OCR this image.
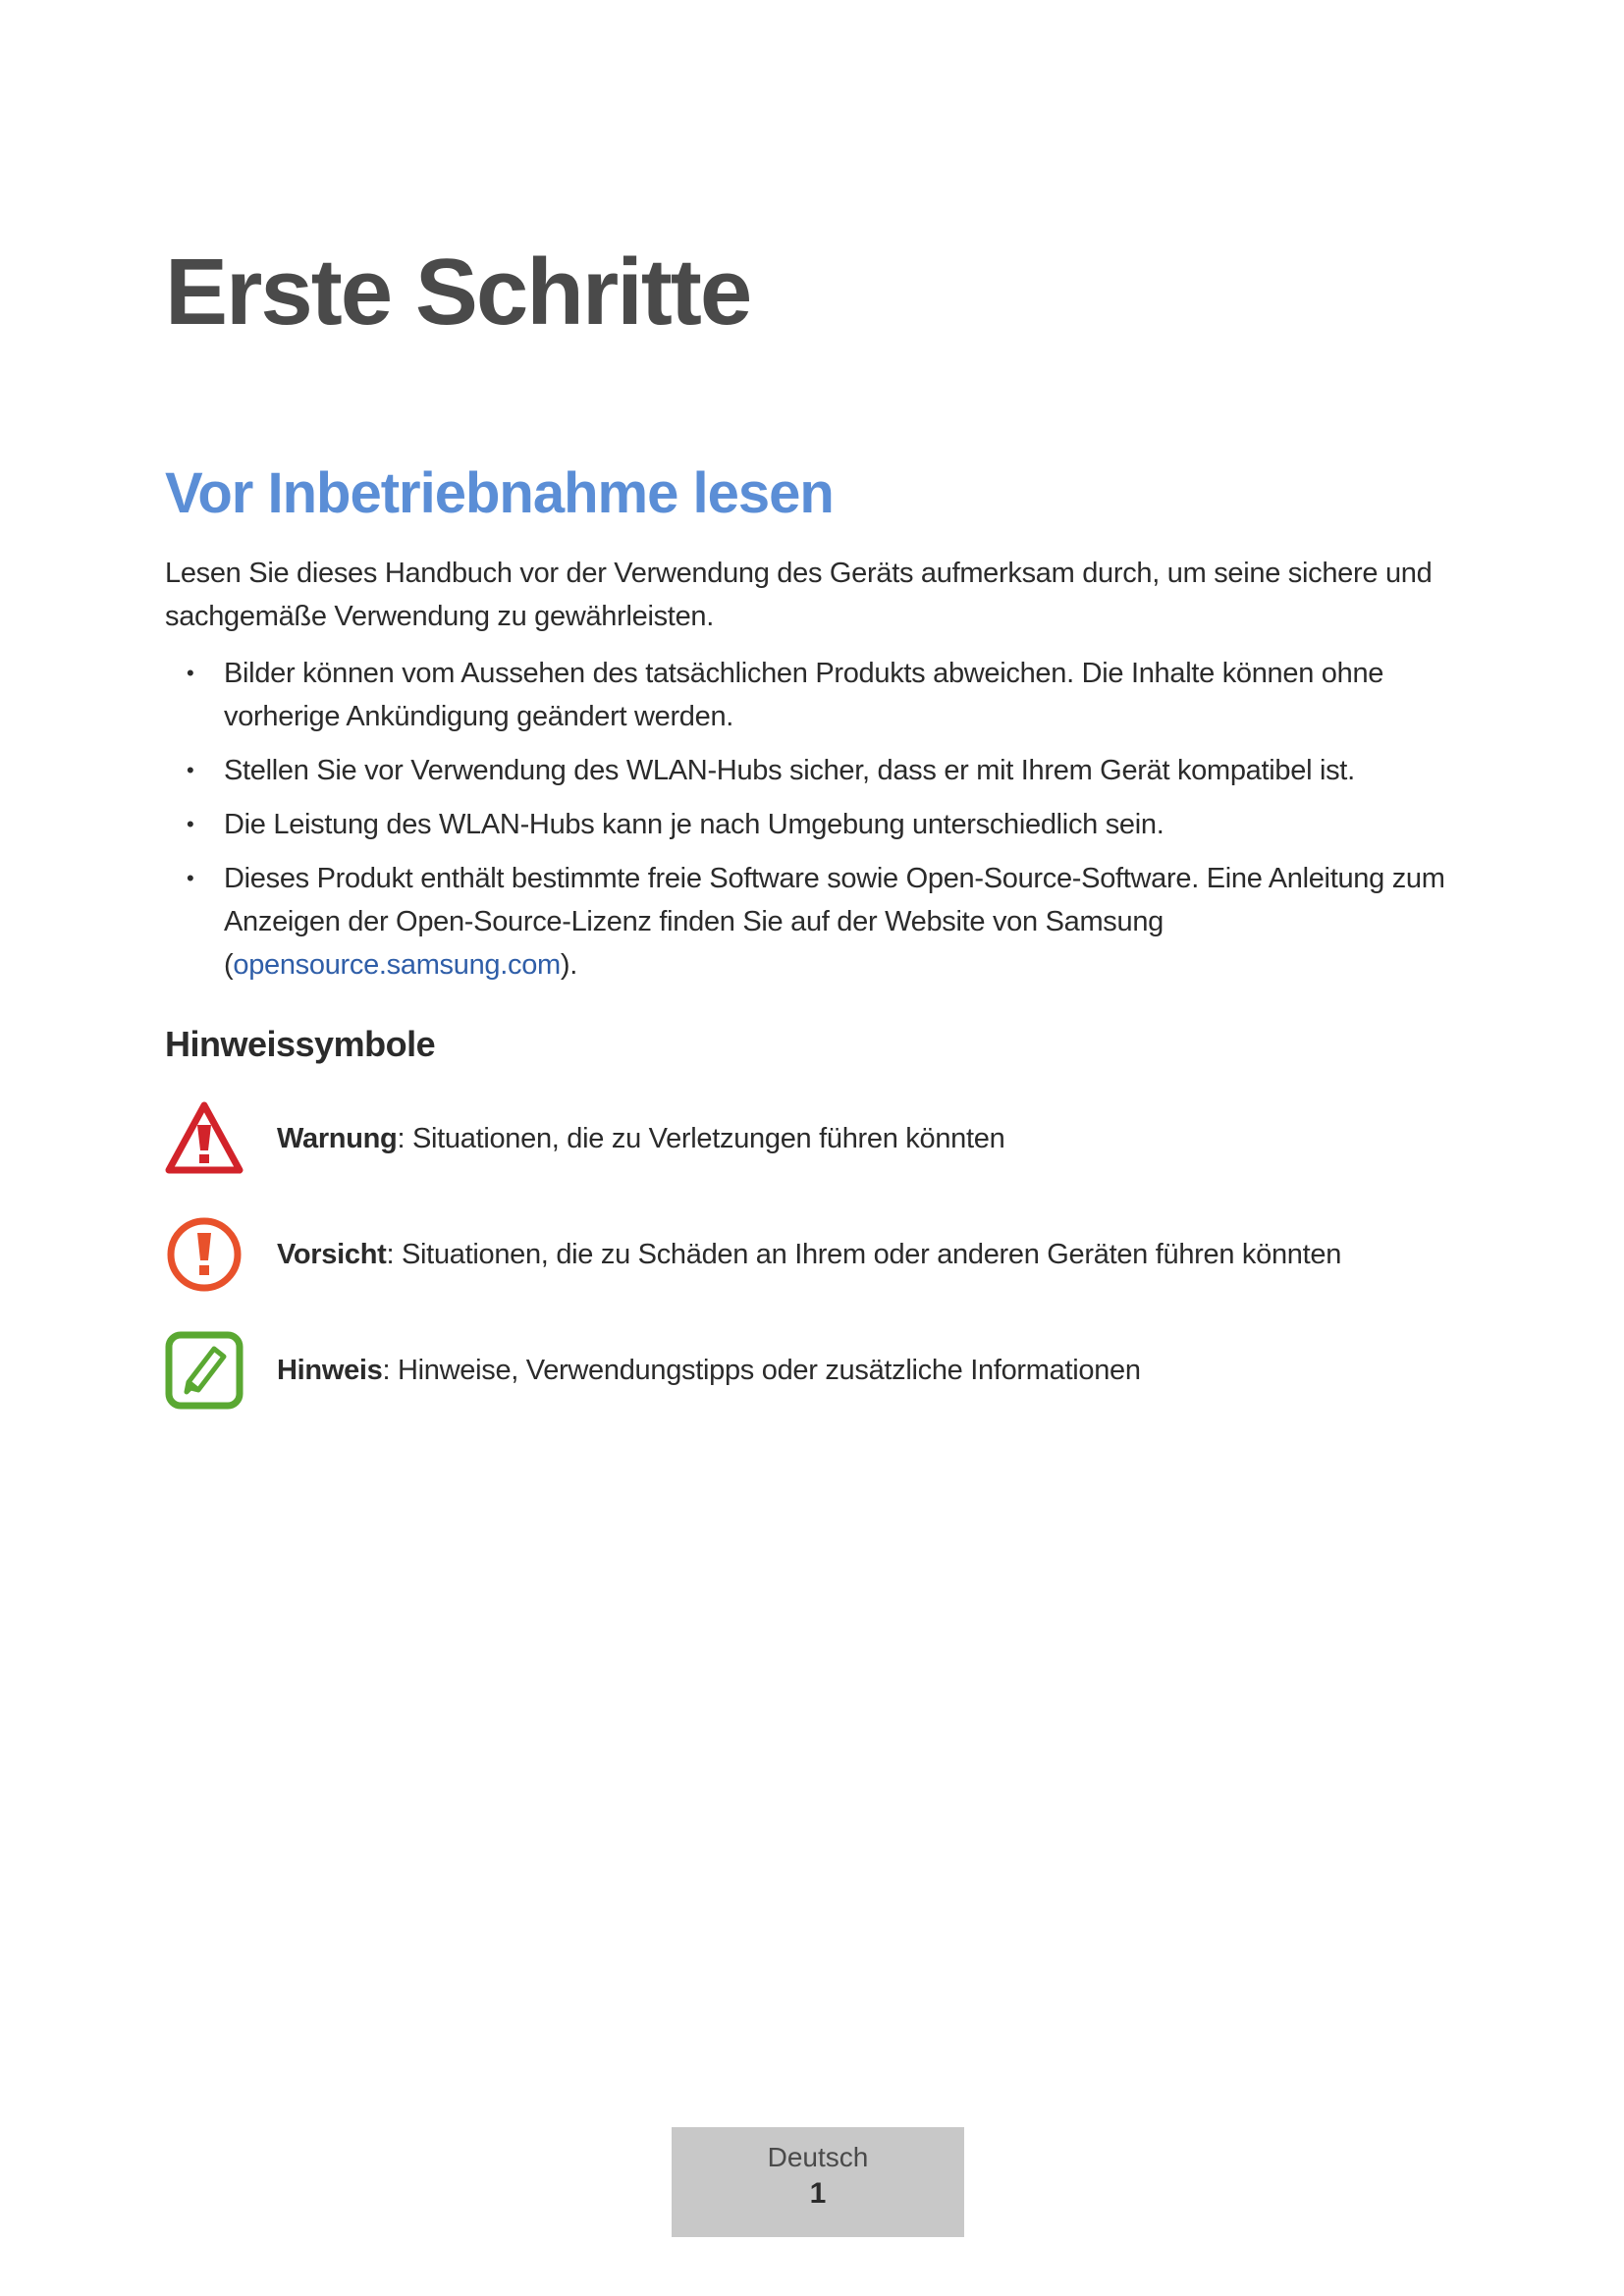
Erste Schritte
Vor Inbetriebnahme lesen

Lesen Sie dieses Handbuch vor der Verwendung des Geräts aufmerksam durch, um seine sichere und sachgemäße Verwendung zu gewährleisten.

• Bilder können vom Aussehen des tatsächlichen Produkts abweichen. Die Inhalte können ohne vorherige Ankündigung geändert werden.
• Stellen Sie vor Verwendung des WLAN-Hubs sicher, dass er mit Ihrem Gerät kompatibel ist.
• Die Leistung des WLAN-Hubs kann je nach Umgebung unterschiedlich sein.
• Dieses Produkt enthält bestimmte freie Software sowie Open-Source-Software. Eine Anleitung zum Anzeigen der Open-Source-Lizenz finden Sie auf der Website von Samsung (opensource.samsung.com).
Hinweissymbole
Warnung: Situationen, die zu Verletzungen führen könnten
Vorsicht: Situationen, die zu Schäden an Ihrem oder anderen Geräten führen könnten
Hinweis: Hinweise, Verwendungstipps oder zusätzliche Informationen
Deutsch
1
